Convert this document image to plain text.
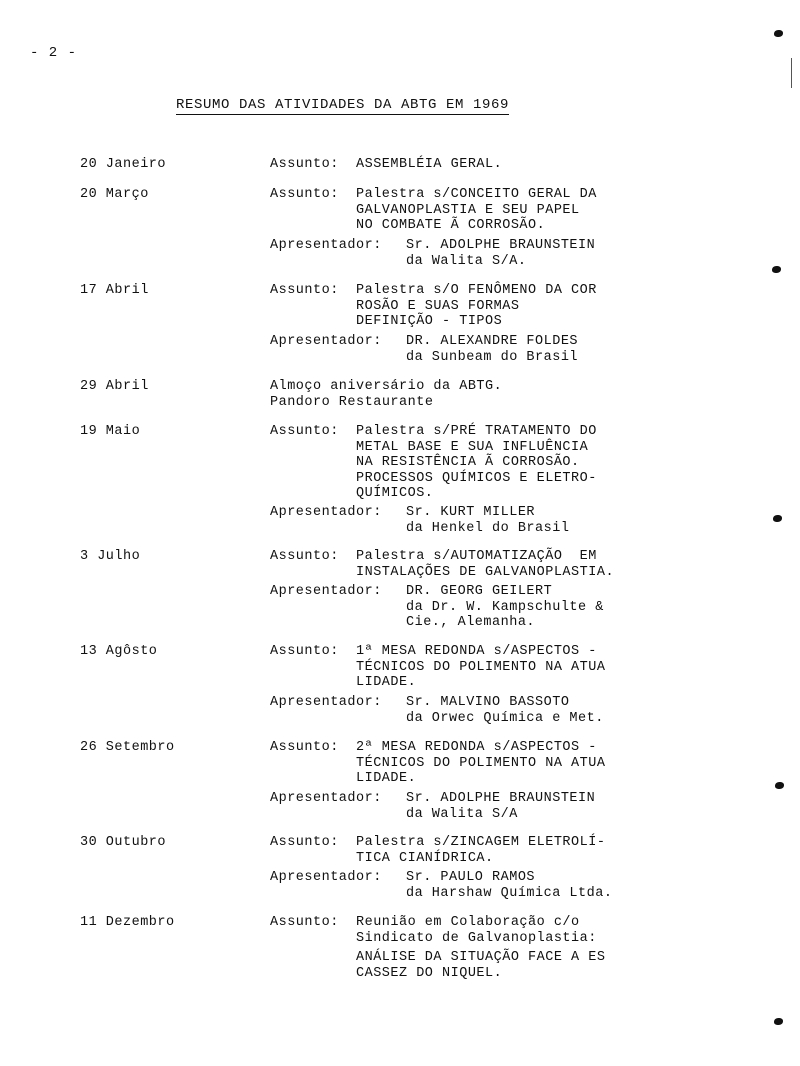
- 2 -
RESUMO DAS ATIVIDADES DA ABTG EM 1969
20 Janeiro	Assunto: ASSEMBLÉIA GERAL.
20 Março	Assunto: Palestra s/CONCEITO GERAL DA
GALVANOPLASTIA E SEU PAPEL
NO COMBATE Ã CORROSÃO.
Apresentador: Sr. ADOLPHE BRAUNSTEIN
da Walita S/A.
17 Abril	Assunto: Palestra s/O FENÔMENO DA COR
ROSÃO E SUAS FORMAS
DEFINIÇÃO - TIPOS
Apresentador: DR. ALEXANDRE FOLDES
da Sunbeam do Brasil
29 Abril	Almoço aniversário da ABTG.
Pandoro Restaurante
19 Maio	Assunto: Palestra s/PRÉ TRATAMENTO DO
METAL BASE E SUA INFLUÊNCIA
NA RESISTÊNCIA Ã CORROSÃO.
PROCESSOS QUÍMICOS E ELETRO-
QUÍMICOS.
Apresentador: Sr. KURT MILLER
da Henkel do Brasil
3 Julho	Assunto: Palestra s/AUTOMATIZAÇÃO  EM
INSTALAÇÕES DE GALVANOPLASTIA.
Apresentador: DR. GEORG GEILERT
da Dr. W. Kampschulte &
Cie., Alemanha.
13 Agôsto	Assunto: 1ª MESA REDONDA s/ASPECTOS -
TÉCNICOS DO POLIMENTO NA ATUA
LIDADE.
Apresentador: Sr. MALVINO BASSOTO
da Orwec Química e Met.
26 Setembro	Assunto: 2ª MESA REDONDA s/ASPECTOS -
TÉCNICOS DO POLIMENTO NA ATUA
LIDADE.
Apresentador: Sr. ADOLPHE BRAUNSTEIN
da Walita S/A
30 Outubro	Assunto: Palestra s/ZINCAGEM ELETROLÍ-
TICA CIANÍDRICA.
Apresentador: Sr. PAULO RAMOS
da Harshaw Química Ltda.
11 Dezembro	Assunto: Reunião em Colaboração c/o
Sindicato de Galvanoplastia:
ANÁLISE DA SITUAÇÃO FACE A ES
CASSEZ DO NIQUEL.
